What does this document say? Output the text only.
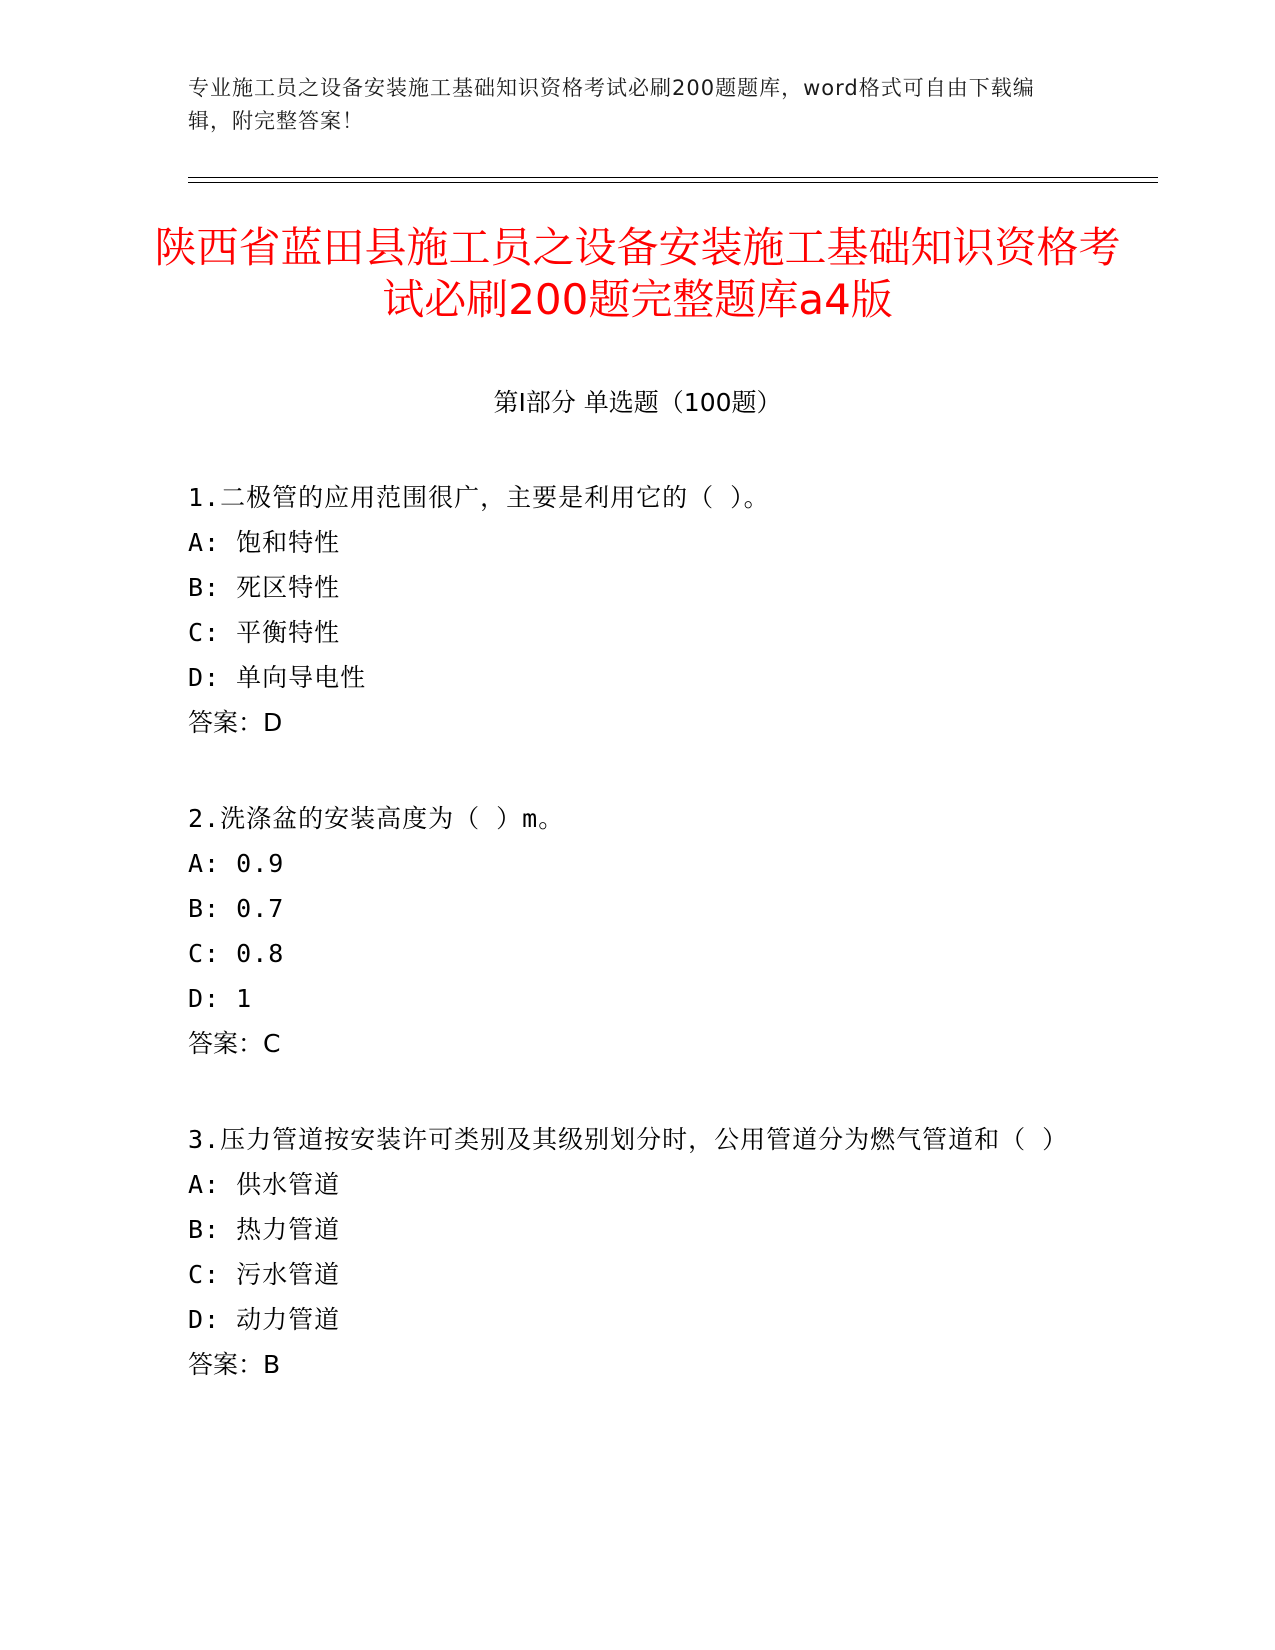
专业施工员之设备安装施工基础知识资格考试必刷200题题库，word格式可自由下载编辑，附完整答案！
陕西省蓝田县施工员之设备安装施工基础知识资格考试必刷200题完整题库a4版
第Ⅰ部分 单选题（100题）
1.二极管的应用范围很广，主要是利用它的（ ）。
A: 饱和特性
B: 死区特性
C: 平衡特性
D: 单向导电性
答案：D
2.洗涤盆的安装高度为（ ）m。
A: 0.9
B: 0.7
C: 0.8
D: 1
答案：C
3.压力管道按安装许可类别及其级别划分时，公用管道分为燃气管道和（ ）
A: 供水管道
B: 热力管道
C: 污水管道
D: 动力管道
答案：B
